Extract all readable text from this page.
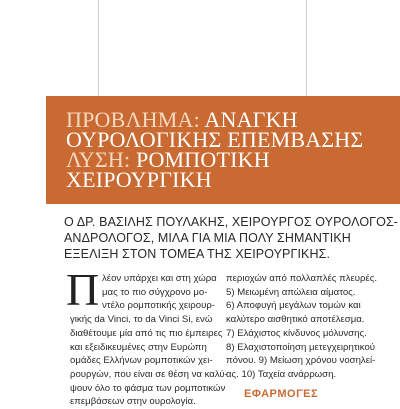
ΠΡΟΒΛΗΜΑ: ΑΝΑΓΚΗ
ΟΥΡΟΛΟΓΙΚΗΣ ΕΠΕΜΒΑΣΗΣ
ΛΥΣΗ: ΡΟΜΠΟΤΙΚΗ
ΧΕΙΡΟΥΡΓΙΚΗ
Ο ΔΡ. ΒΑΣΙΛΗΣ ΠΟΥΛΑΚΗΣ, ΧΕΙΡΟΥΡΓΟΣ ΟΥΡΟΛΟΓΟΣ-
ΑΝΔΡΟΛΟΓΟΣ, ΜΙΛΑ ΓΙΑ ΜΙΑ ΠΟΛΥ ΣΗΜΑΝΤΙΚΗ
ΕΞΕΛΙΞΗ ΣΤΟΝ ΤΟΜΕΑ ΤΗΣ ΧΕΙΡΟΥΡΓΙΚΗΣ.
Π λέον υπάρχει και στη χώρα
μας το πιο σύγχρονο μο-
ντέλο ρομποτικής χειρουρ-
γικής da Vinci, το da Vinci Si, ενώ
διαθέτουμε μία από τις πιο έμπειρες
και εξειδικευμένες στην Ευρώπη
ομάδες Ελλήνων ρομποτικών χει-
ρουργών, που είναι σε θέση να καλύ-
ψουν όλο το φάσμα των ρομποτικών
επεμβάσεων στην ουρολογία.
περιοχών από πολλαπλές πλευρές.
5) Μειωμένη απώλεια αίματος.
6) Αποφυγή μεγάλων τομών και
καλύτερο αισθητικό αποτέλεσμα.
7) Ελάχιστος κίνδυνος μόλυνσης.
8) Ελαχιστοποίηση μετεγχειρητικού
πόνου. 9) Μείωση χρόνου νοσηλεί-
ας. 10) Ταχεία ανάρρωση.
ΕΦΑΡΜΟΓΕΣ
